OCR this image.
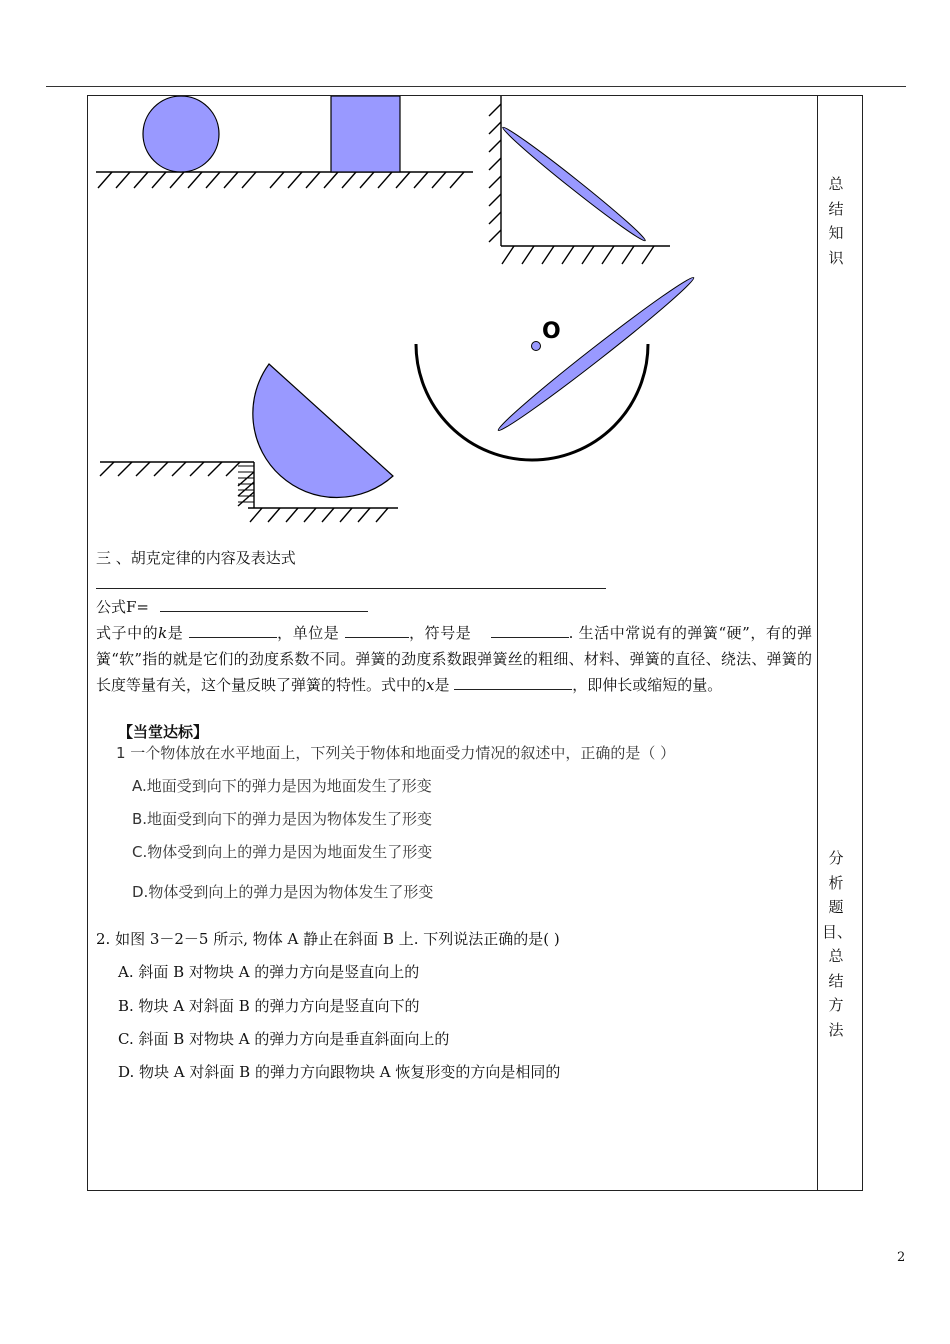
O
三 、胡克定律的内容及表达式
公式F=
式子中的k是	，单位是	，符号是	. 生活中常说有的弹簧“硬”，有的弹簧“软”指的就是它们的劲度系数不同。弹簧的劲度系数跟弹簧丝的粗细、材料、弹簧的直径、绕法、弹簧的长度等量有关，这个量反映了弹簧的特性。式中的x是	，即伸长或缩短的量。
【当堂达标】
1 一个物体放在水平地面上，下列关于物体和地面受力情况的叙述中，正确的是（ ）
A.地面受到向下的弹力是因为地面发生了形变
B.地面受到向下的弹力是因为物体发生了形变
C.物体受到向上的弹力是因为地面发生了形变
D.物体受到向上的弹力是因为物体发生了形变
2. 如图 3－2－5 所示, 物体 A 静止在斜面 B 上. 下列说法正确的是( )
A. 斜面 B 对物块 A 的弹力方向是竖直向上的
B. 物块 A 对斜面 B 的弹力方向是竖直向下的
C. 斜面 B 对物块 A 的弹力方向是垂直斜面向上的
D. 物块 A 对斜面 B 的弹力方向跟物块 A 恢复形变的方向是相同的
总结知识
分析题目、总结方法
2
